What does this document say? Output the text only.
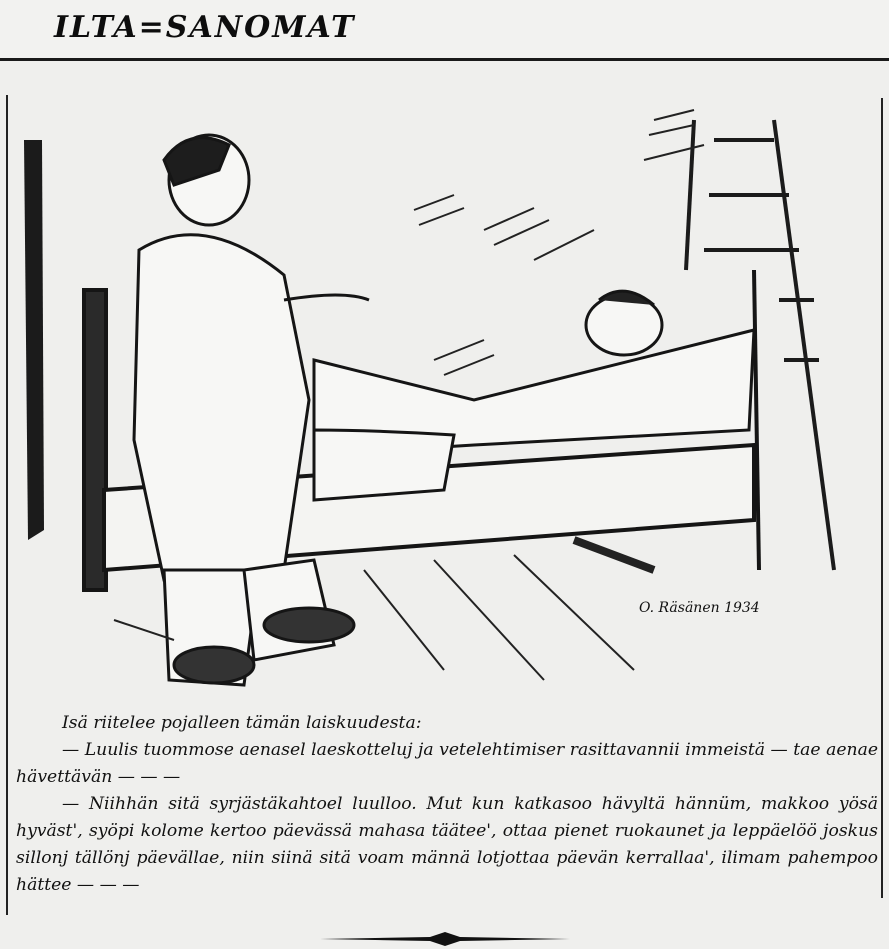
ILTA=SANOMAT
O. Räsänen 1934

Isä riitelee pojalleen tämän laiskuudesta:

— Luulis tuommose aenasel laeskotteluj ja vetelehtimiser rasittavannii immeistä — tae aenae hävettävän — — —

— Niihhän sitä syrjästäkahtoel luulloo. Mut kun katkasoo hävyltä hännüm, makkoo yösä hyväst', syöpi kolome kertoo päevässä mahasa täätee', ottaa pienet ruokaunet ja leppäelöö joskus sillonj tällönj päevällae, niin siinä sitä voam männä lotjottaa päevän kerrallaa', ilimam pahempoo hättee — — —
